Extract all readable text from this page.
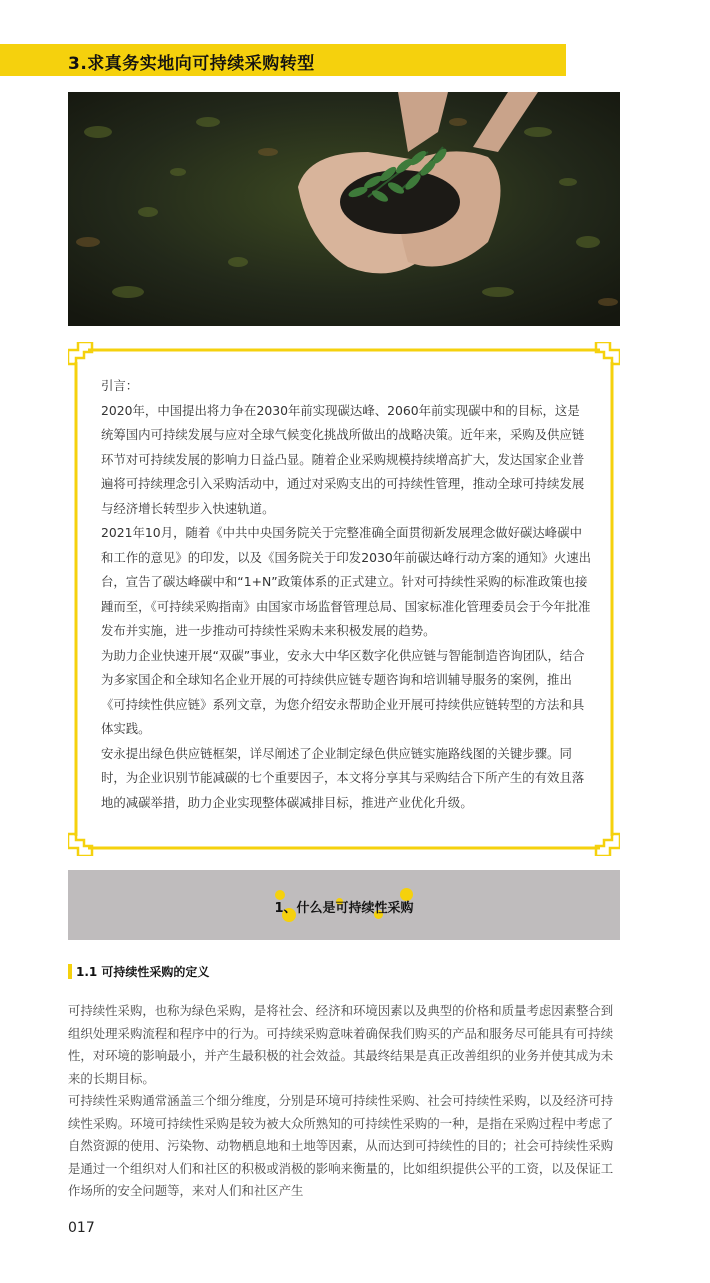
3.求真务实地向可持续采购转型

引言：

2020年，中国提出将力争在2030年前实现碳达峰、2060年前实现碳中和的目标，这是统筹国内可持续发展与应对全球气候变化挑战所做出的战略决策。近年来，采购及供应链环节对可持续发展的影响力日益凸显。随着企业采购规模持续增高扩大，发达国家企业普遍将可持续理念引入采购活动中，通过对采购支出的可持续性管理，推动全球可持续发展与经济增长转型步入快速轨道。

2021年10月，随着《中共中央国务院关于完整准确全面贯彻新发展理念做好碳达峰碳中和工作的意见》的印发，以及《国务院关于印发2030年前碳达峰行动方案的通知》火速出台，宣告了碳达峰碳中和“1+N”政策体系的正式建立。针对可持续性采购的标准政策也接踵而至，《可持续采购指南》由国家市场监督管理总局、国家标准化管理委员会于今年批准发布并实施，进一步推动可持续性采购未来积极发展的趋势。

为助力企业快速开展“双碳”事业，安永大中华区数字化供应链与智能制造咨询团队，结合为多家国企和全球知名企业开展的可持续供应链专题咨询和培训辅导服务的案例，推出《可持续性供应链》系列文章，为您介绍安永帮助企业开展可持续供应链转型的方法和具体实践。

安永提出绿色供应链框架，详尽阐述了企业制定绿色供应链实施路线图的关键步骤。同时，为企业识别节能减碳的七个重要因子，本文将分享其与采购结合下所产生的有效且落地的减碳举措，助力企业实现整体碳减排目标，推进产业优化升级。

1、什么是可持续性采购
1.1 可持续性采购的定义

可持续性采购，也称为绿色采购，是将社会、经济和环境因素以及典型的价格和质量考虑因素整合到组织处理采购流程和程序中的行为。可持续采购意味着确保我们购买的产品和服务尽可能具有可持续性，对环境的影响最小，并产生最积极的社会效益。其最终结果是真正改善组织的业务并使其成为未来的长期目标。

可持续性采购通常涵盖三个细分维度，分别是环境可持续性采购、社会可持续性采购，以及经济可持续性采购。环境可持续性采购是较为被大众所熟知的可持续性采购的一种，是指在采购过程中考虑了自然资源的使用、污染物、动物栖息地和土地等因素，从而达到可持续性的目的；社会可持续性采购是通过一个组织对人们和社区的积极或消极的影响来衡量的，比如组织提供公平的工资，以及保证工作场所的安全问题等，来对人们和社区产生

017
